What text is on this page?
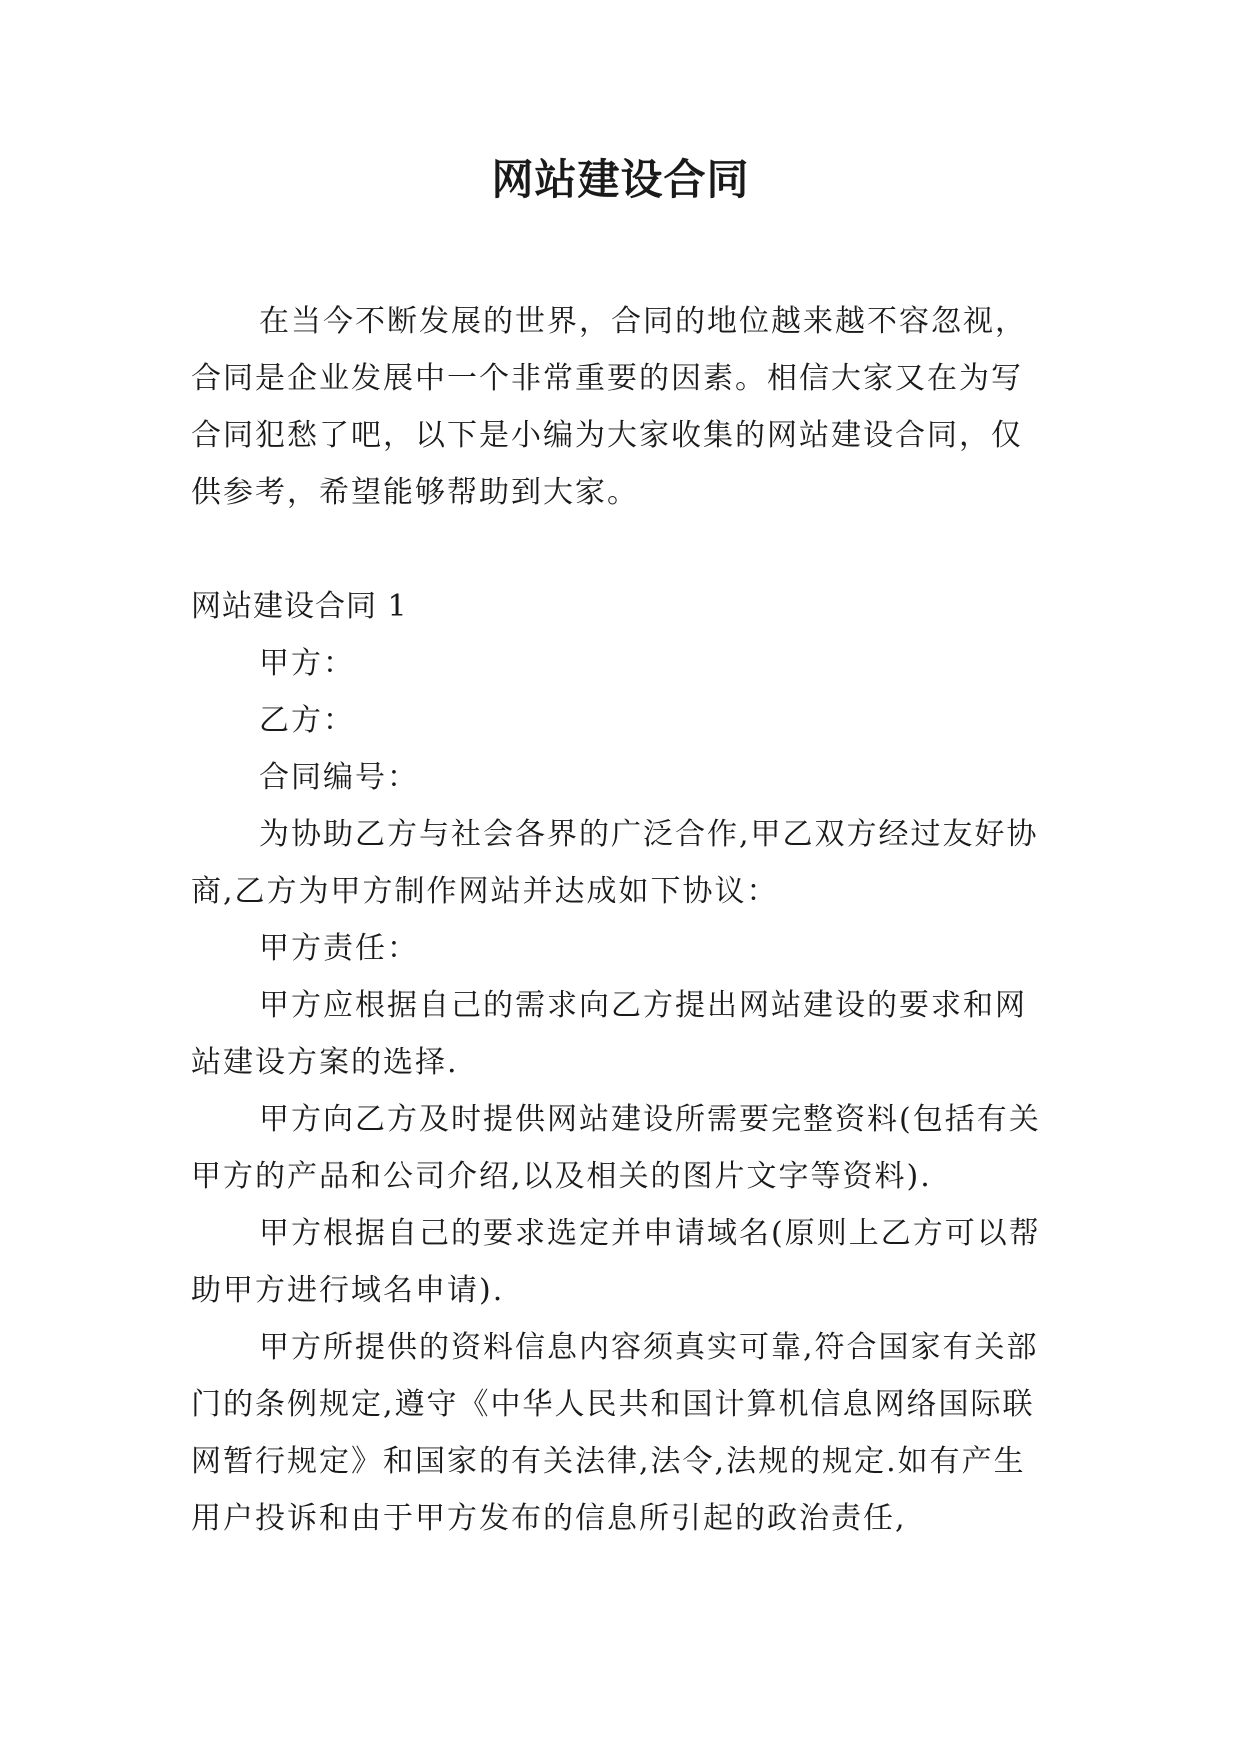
网站建设合同

在当今不断发展的世界，合同的地位越来越不容忽视，合同是企业发展中一个非常重要的因素。相信大家又在为写合同犯愁了吧，以下是小编为大家收集的网站建设合同，仅供参考，希望能够帮助到大家。

网站建设合同 1

甲方：

乙方：

合同编号：

为协助乙方与社会各界的广泛合作,甲乙双方经过友好协商,乙方为甲方制作网站并达成如下协议：

甲方责任：

甲方应根据自己的需求向乙方提出网站建设的要求和网站建设方案的选择.

甲方向乙方及时提供网站建设所需要完整资料(包括有关甲方的产品和公司介绍,以及相关的图片文字等资料).

甲方根据自己的要求选定并申请域名(原则上乙方可以帮助甲方进行域名申请).

甲方所提供的资料信息内容须真实可靠,符合国家有关部门的条例规定,遵守《中华人民共和国计算机信息网络国际联网暂行规定》和国家的有关法律,法令,法规的规定.如有产生用户投诉和由于甲方发布的信息所引起的政治责任,
